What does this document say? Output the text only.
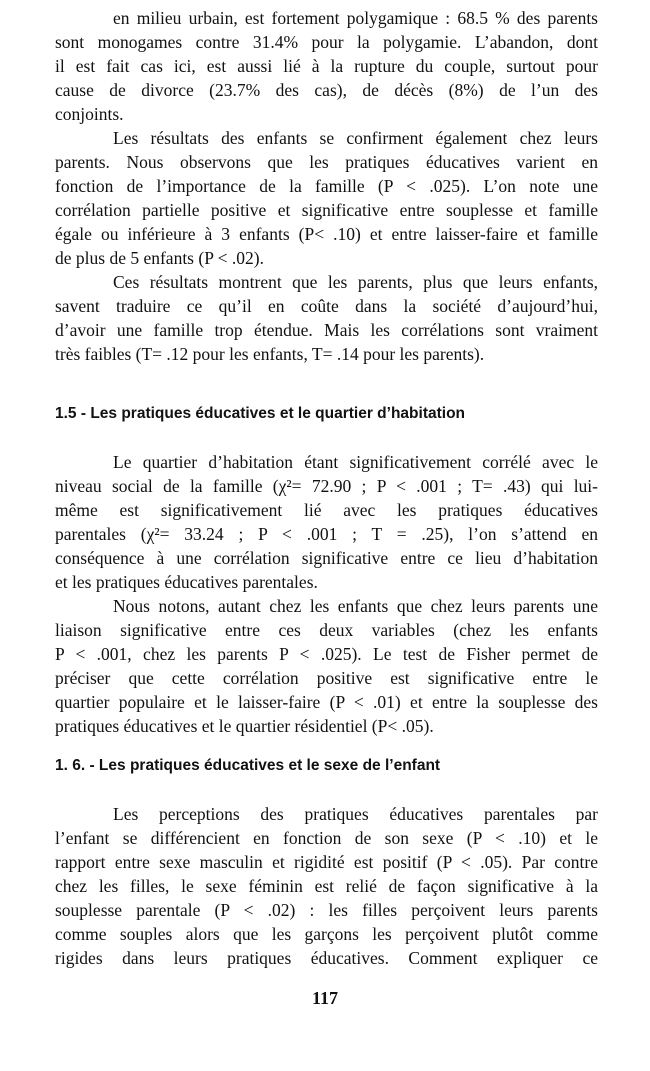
en milieu urbain, est fortement polygamique : 68.5 % des parents
sont monogames contre 31.4% pour la polygamie. L’abandon, dont
il est fait cas ici, est aussi lié à la rupture du couple, surtout pour
cause de divorce (23.7% des cas), de décès (8%) de l’un des
conjoints.
Les résultats des enfants se confirment également chez leurs
parents. Nous observons que les pratiques éducatives varient en
fonction de l’importance de la famille (P < .025). L’on note une
corrélation partielle positive et significative entre souplesse et famille
égale ou inférieure à 3 enfants (P< .10) et entre laisser-faire et famille
de plus de 5 enfants (P < .02).
Ces résultats montrent que les parents, plus que leurs enfants,
savent traduire ce qu’il en coûte dans la société d’aujourd’hui,
d’avoir une famille trop étendue. Mais les corrélations sont vraiment
très faibles (T= .12 pour les enfants, T= .14 pour les parents).
1.5 - Les pratiques éducatives et le quartier d’habitation
Le quartier d’habitation étant significativement corrélé avec le
niveau social de la famille (χ²= 72.90 ; P < .001 ; T= .43) qui lui-
même est significativement lié avec les pratiques éducatives
parentales (χ²= 33.24 ; P < .001 ; T = .25), l’on s’attend en
conséquence à une corrélation significative entre ce lieu d’habitation
et les pratiques éducatives parentales.
Nous notons, autant chez les enfants que chez leurs parents une
liaison significative entre ces deux variables (chez les enfants
P < .001, chez les parents P < .025). Le test de Fisher permet de
préciser que cette corrélation positive est significative entre le
quartier populaire et le laisser-faire (P < .01) et entre la souplesse des
pratiques éducatives et le quartier résidentiel (P< .05).
1. 6. - Les pratiques éducatives et le sexe de l’enfant
Les perceptions des pratiques éducatives parentales par
l’enfant se différencient en fonction de son sexe (P < .10) et le
rapport entre sexe masculin et rigidité est positif (P < .05). Par contre
chez les filles, le sexe féminin est relié de façon significative à la
souplesse parentale (P < .02) : les filles perçoivent leurs parents
comme souples alors que les garçons les perçoivent plutôt comme
rigides dans leurs pratiques éducatives. Comment expliquer ce
117
